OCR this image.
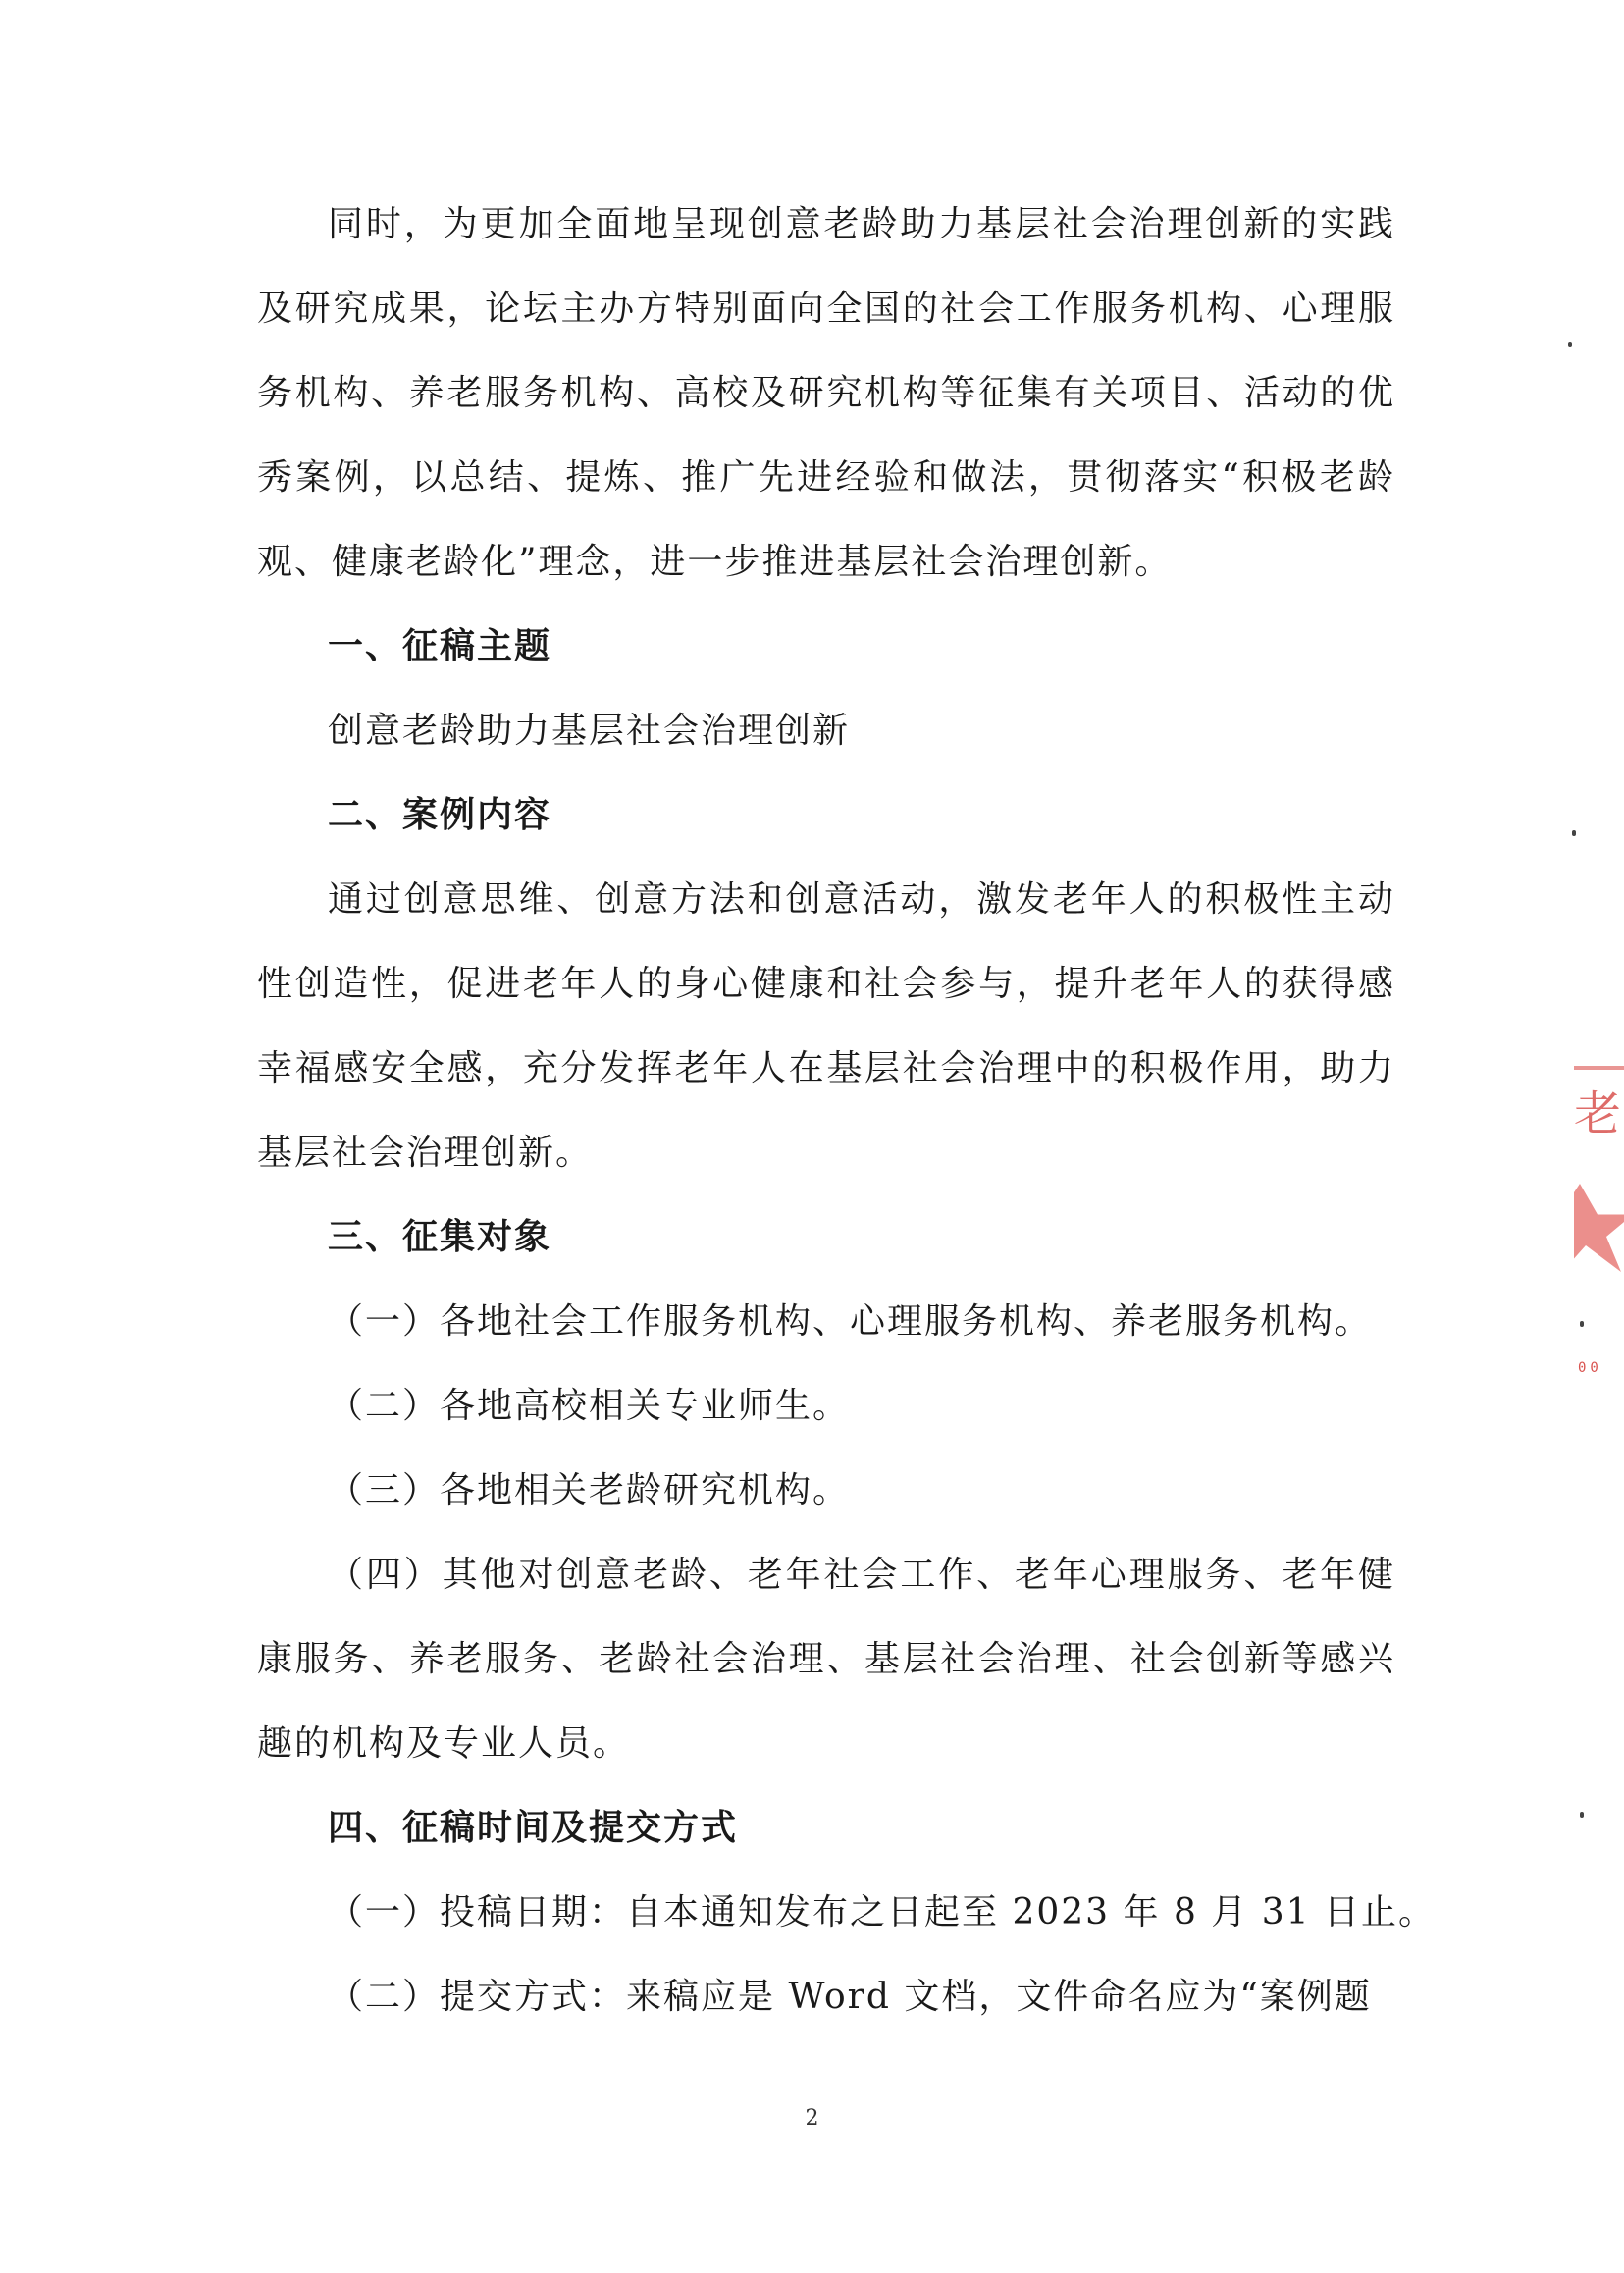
同时，为更加全面地呈现创意老龄助力基层社会治理创新的实践及研究成果，论坛主办方特别面向全国的社会工作服务机构、心理服务机构、养老服务机构、高校及研究机构等征集有关项目、活动的优秀案例，以总结、提炼、推广先进经验和做法，贯彻落实“积极老龄观、健康老龄化”理念，进一步推进基层社会治理创新。

一、征稿主题

创意老龄助力基层社会治理创新

二、案例内容

通过创意思维、创意方法和创意活动，激发老年人的积极性主动性创造性，促进老年人的身心健康和社会参与，提升老年人的获得感幸福感安全感，充分发挥老年人在基层社会治理中的积极作用，助力基层社会治理创新。

三、征集对象

（一）各地社会工作服务机构、心理服务机构、养老服务机构。

（二）各地高校相关专业师生。

（三）各地相关老龄研究机构。

（四）其他对创意老龄、老年社会工作、老年心理服务、老年健康服务、养老服务、老龄社会治理、基层社会治理、社会创新等感兴趣的机构及专业人员。

四、征稿时间及提交方式

（一）投稿日期：自本通知发布之日起至 2023 年 8 月 31 日止。

（二）提交方式：来稿应是 Word 文档，文件命名应为“案例题

老
00
2
